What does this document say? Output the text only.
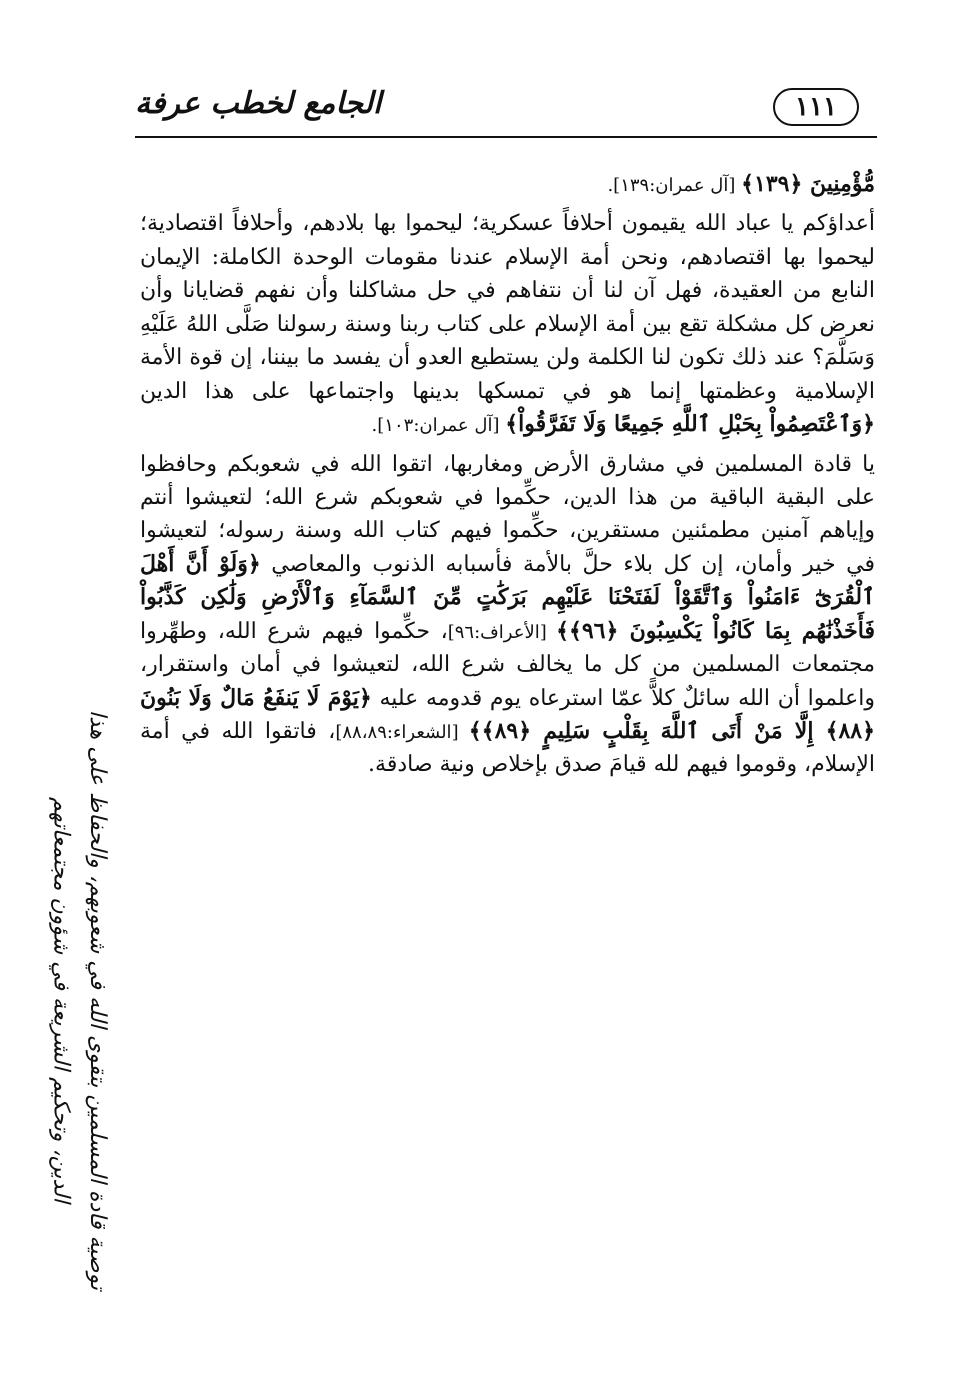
الجامع لخطب عرفة	١١١

مُّؤْمِنِينَ ﴿١٣٩﴾ [آل عمران:١٣٩].

أعداؤكم يا عباد الله يقيمون أحلافاً عسكرية؛ ليحموا بها بلادهم، وأحلافاً اقتصادية؛ ليحموا بها اقتصادهم، ونحن أمة الإسلام عندنا مقومات الوحدة الكاملة: الإيمان النابع من العقيدة، فهل آن لنا أن نتفاهم في حل مشاكلنا وأن نفهم قضايانا وأن نعرض كل مشكلة تقع بين أمة الإسلام على كتاب ربنا وسنة رسولنا صَلَّى اللهُ عَلَيْهِ وَسَلَّمَ؟ عند ذلك تكون لنا الكلمة ولن يستطيع العدو أن يفسد ما بيننا، إن قوة الأمة الإسلامية وعظمتها إنما هو في تمسكها بدينها واجتماعها على هذا الدين ﴿وَٱعْتَصِمُواْ بِحَبْلِ ٱللَّهِ جَمِيعًا وَلَا تَفَرَّقُواْ﴾ [آل عمران:١٠٣].

يا قادة المسلمين في مشارق الأرض ومغاربها، اتقوا الله في شعوبكم وحافظوا على البقية الباقية من هذا الدين، حكِّموا في شعوبكم شرع الله؛ لتعيشوا أنتم وإياهم آمنين مطمئنين مستقرين، حكِّموا فيهم كتاب الله وسنة رسوله؛ لتعيشوا في خير وأمان، إن كل بلاء حلَّ بالأمة فأسبابه الذنوب والمعاصي ﴿وَلَوْ أَنَّ أَهْلَ ٱلْقُرَىٰٓ ءَامَنُواْ وَٱتَّقَوْاْ لَفَتَحْنَا عَلَيْهِم بَرَكَٰتٍ مِّنَ ٱلسَّمَآءِ وَٱلْأَرْضِ وَلَٰكِن كَذَّبُواْ فَأَخَذْنَٰهُم بِمَا كَانُواْ يَكْسِبُونَ ﴿٩٦﴾﴾ [الأعراف:٩٦]، حكِّموا فيهم شرع الله، وطهِّروا مجتمعات المسلمين من كل ما يخالف شرع الله، لتعيشوا في أمان واستقرار، واعلموا أن الله سائلٌ كلاًّ عمّا استرعاه يوم قدومه عليه ﴿يَوْمَ لَا يَنفَعُ مَالٌ وَلَا بَنُونَ ﴿٨٨﴾ إِلَّا مَنْ أَتَى ٱللَّهَ بِقَلْبٍ سَلِيمٍ ﴿٨٩﴾﴾ [الشعراء:٨٨،٨٩]، فاتقوا الله في أمة الإسلام، وقوموا فيهم لله قيامَ صدق بإخلاص ونية صادقة.

توصية قادة المسلمين بتقوى الله في شعوبهم، والحفاظ على هذا الدين، وتحكيم الشريعة في شؤون مجتمعاتهم
